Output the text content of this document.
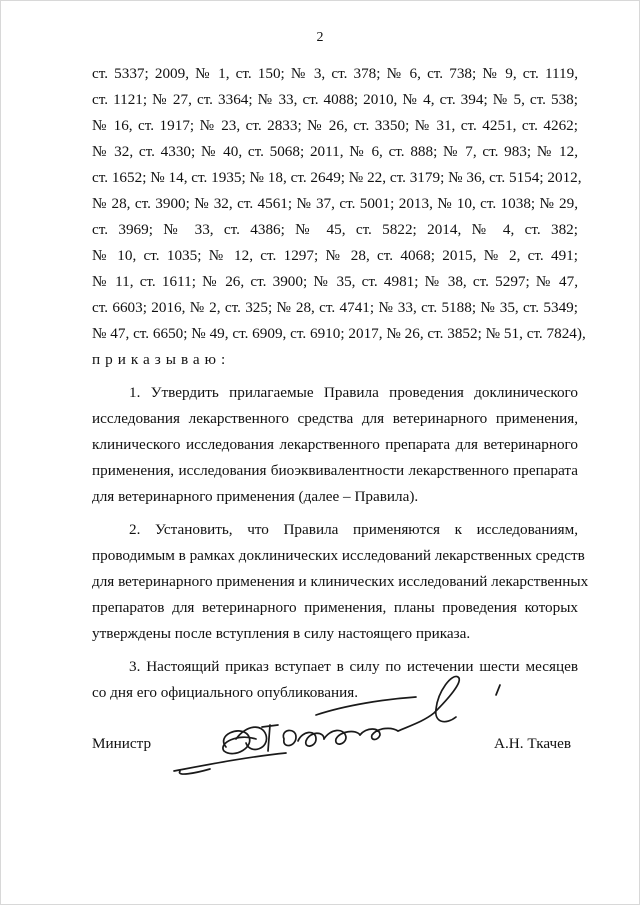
2

ст. 5337; 2009, № 1, ст. 150; № 3, ст. 378; № 6, ст. 738; № 9, ст. 1119,

ст. 1121; № 27, ст. 3364; № 33, ст. 4088; 2010, № 4, ст. 394; № 5, ст. 538;

№ 16, ст. 1917; № 23, ст. 2833; № 26, ст. 3350; № 31, ст. 4251, ст. 4262;

№ 32, ст. 4330; № 40, ст. 5068; 2011, № 6, ст. 888; № 7, ст. 983; № 12,

ст. 1652; № 14, ст. 1935; № 18, ст. 2649; № 22, ст. 3179; № 36, ст. 5154; 2012,

№ 28, ст. 3900; № 32, ст. 4561; № 37, ст. 5001; 2013, № 10, ст. 1038; № 29,

ст. 3969; № 33, ст. 4386; № 45, ст. 5822; 2014, № 4, ст. 382;

№ 10, ст. 1035; № 12, ст. 1297; № 28, ст. 4068; 2015, № 2, ст. 491;

№ 11, ст. 1611; № 26, ст. 3900; № 35, ст. 4981; № 38, ст. 5297; № 47,

ст. 6603; 2016, № 2, ст. 325; № 28, ст. 4741; № 33, ст. 5188; № 35, ст. 5349;

№ 47, ст. 6650; № 49, ст. 6909, ст. 6910; 2017, № 26, ст. 3852; № 51, ст. 7824),

приказываю:

1. Утвердить прилагаемые Правила проведения доклинического

исследования лекарственного средства для ветеринарного применения,

клинического исследования лекарственного препарата для ветеринарного

применения, исследования биоэквивалентности лекарственного препарата

для ветеринарного применения (далее – Правила).

2. Установить, что Правила применяются к исследованиям,

проводимым в рамках доклинических исследований лекарственных средств

для ветеринарного применения и клинических исследований лекарственных

препаратов для ветеринарного применения, планы проведения которых

утверждены после вступления в силу настоящего приказа.

3. Настоящий приказ вступает в силу по истечении шести месяцев

со дня его официального опубликования.

Министр	А.Н. Ткачев
